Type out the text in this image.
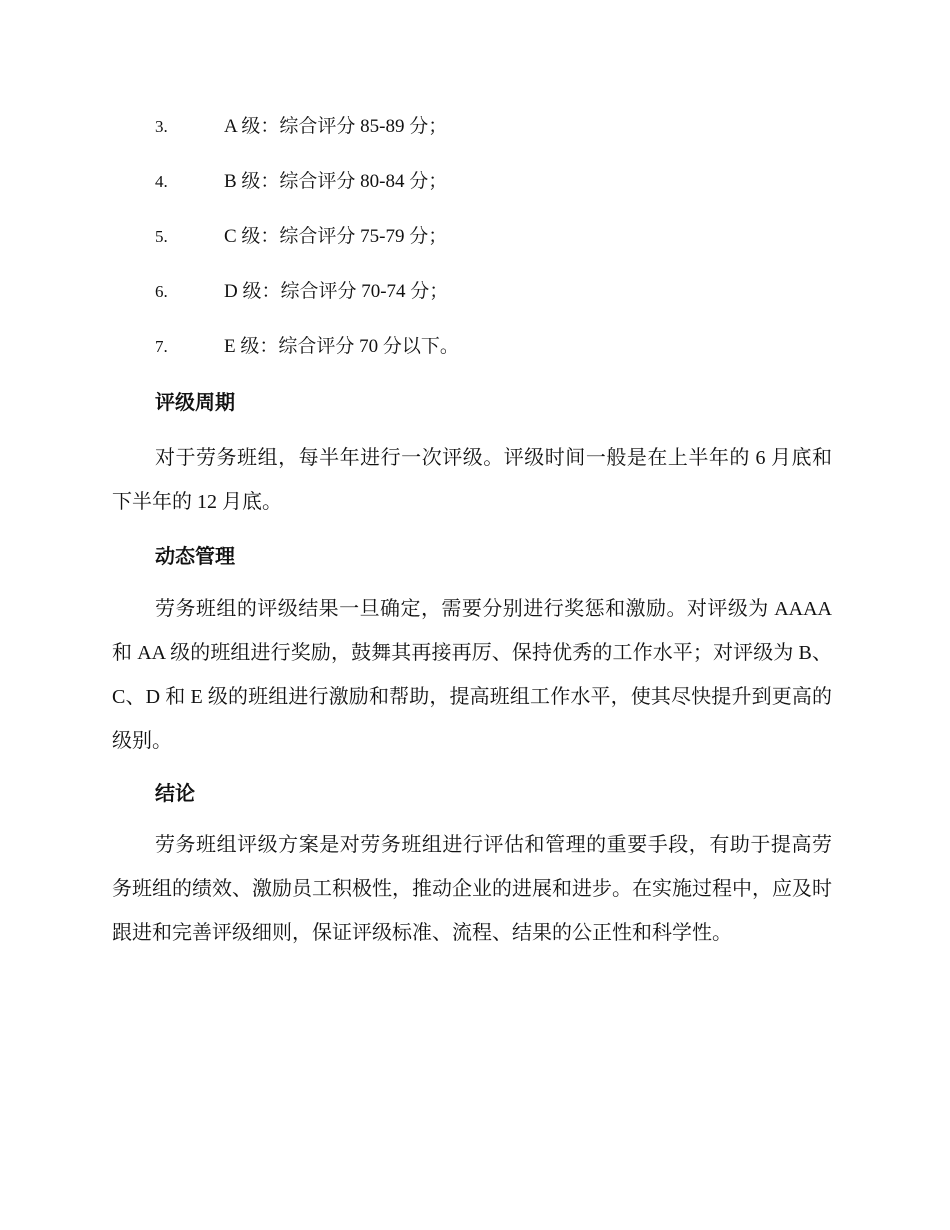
3.	A 级：综合评分 85-89 分；
4.	B 级：综合评分 80-84 分；
5.	C 级：综合评分 75-79 分；
6.	D 级：综合评分 70-74 分；
7.	E 级：综合评分 70 分以下。
评级周期
对于劳务班组，每半年进行一次评级。评级时间一般是在上半年的 6 月底和下半年的 12 月底。
动态管理
劳务班组的评级结果一旦确定，需要分别进行奖惩和激励。对评级为 AAAA 和 AA 级的班组进行奖励，鼓舞其再接再厉、保持优秀的工作水平；对评级为 B、C、D 和 E 级的班组进行激励和帮助，提高班组工作水平，使其尽快提升到更高的级别。
结论
劳务班组评级方案是对劳务班组进行评估和管理的重要手段，有助于提高劳务班组的绩效、激励员工积极性，推动企业的进展和进步。在实施过程中，应及时跟进和完善评级细则，保证评级标准、流程、结果的公正性和科学性。
